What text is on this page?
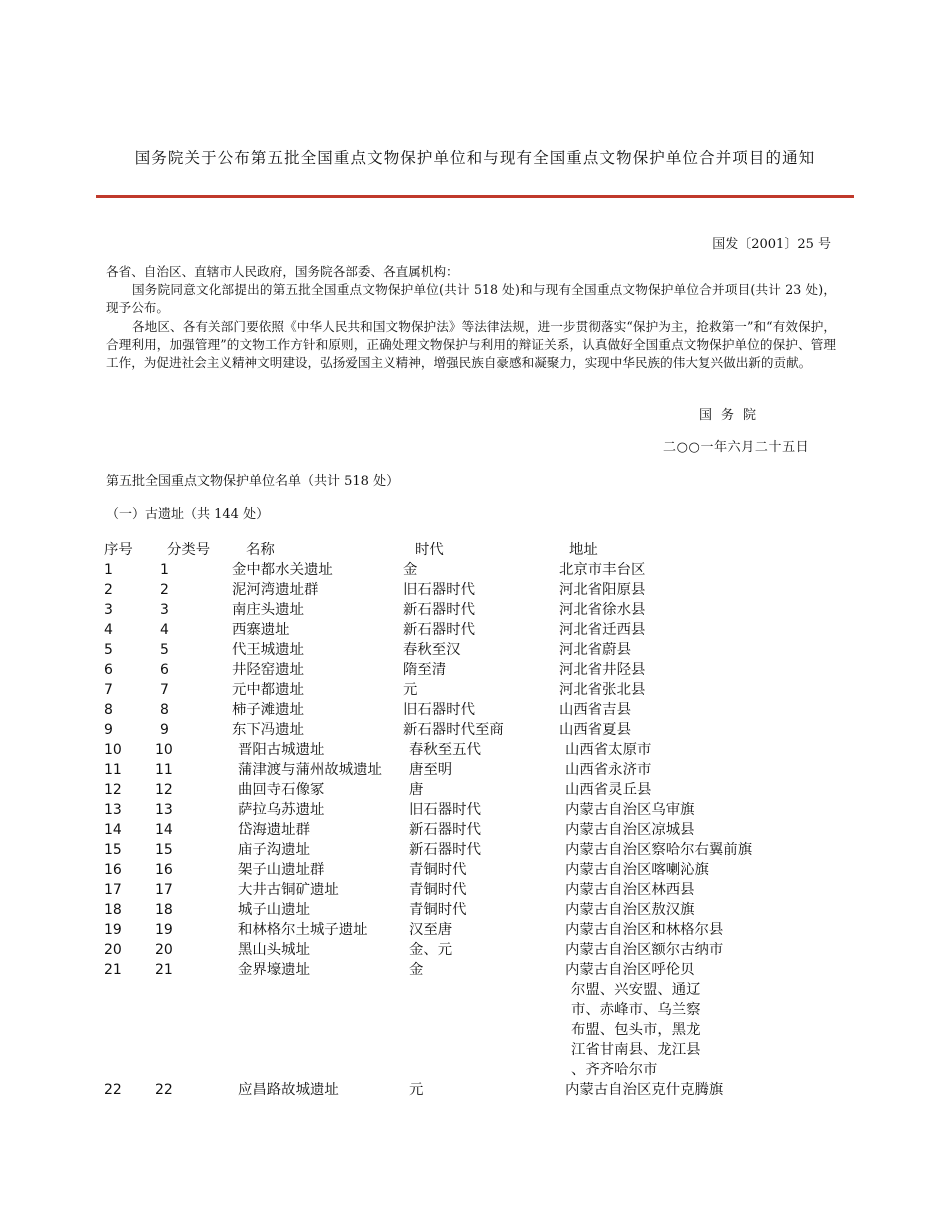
国务院关于公布第五批全国重点文物保护单位和与现有全国重点文物保护单位合并项目的通知
国发〔2001〕25 号
各省、自治区、直辖市人民政府，国务院各部委、各直属机构：
国务院同意文化部提出的第五批全国重点文物保护单位(共计 518 处)和与现有全国重点文物保护单位合并项目(共计 23 处)，现予公布。
各地区、各有关部门要依照《中华人民共和国文物保护法》等法律法规，进一步贯彻落实“保护为主，抢救第一”和“有效保护，合理利用，加强管理”的文物工作方针和原则，正确处理文物保护与利用的辩证关系，认真做好全国重点文物保护单位的保护、管理工作，为促进社会主义精神文明建设，弘扬爱国主义精神，增强民族自豪感和凝聚力，实现中华民族的伟大复兴做出新的贡献。
国务院
二○○一年六月二十五日
第五批全国重点文物保护单位名单（共计 518 处）
（一）古遗址（共 144 处）
序号 分类号 名称	时代	地址
1	1	金中都水关遗址	金	北京市丰台区
2	2	泥河湾遗址群	旧石器时代	河北省阳原县
3	3	南庄头遗址	新石器时代	河北省徐水县
4	4	西寨遗址	新石器时代	河北省迁西县
5	5	代王城遗址	春秋至汉	河北省蔚县
6	6	井陉窑遗址	隋至清	河北省井陉县
7	7	元中都遗址	元	河北省张北县
8	8	柿子滩遗址	旧石器时代	山西省吉县
9	9	东下冯遗址	新石器时代至商	山西省夏县
10 10	晋阳古城遗址	春秋至五代	山西省太原市
11 11	蒲津渡与蒲州故城遗址 唐至明	山西省永济市
12 12	曲回寺石像冢	唐	山西省灵丘县
13 13	萨拉乌苏遗址	旧石器时代	内蒙古自治区乌审旗
14 14	岱海遗址群	新石器时代	内蒙古自治区凉城县
15 15	庙子沟遗址	新石器时代	内蒙古自治区察哈尔右翼前旗
16 16	架子山遗址群	青铜时代	内蒙古自治区喀喇沁旗
17 17	大井古铜矿遗址	青铜时代	内蒙古自治区林西县
18 18	城子山遗址	青铜时代	内蒙古自治区敖汉旗
19 19	和林格尔土城子遗址	汉至唐	内蒙古自治区和林格尔县
20 20	黑山头城址	金、元	内蒙古自治区额尔古纳市
21 21	金界壕遗址	金	内蒙古自治区呼伦贝
尔盟、兴安盟、通辽
市、赤峰市、乌兰察
布盟、包头市，黑龙
江省甘南县、龙江县
、齐齐哈尔市
22 22	应昌路故城遗址	元	内蒙古自治区克什克腾旗
